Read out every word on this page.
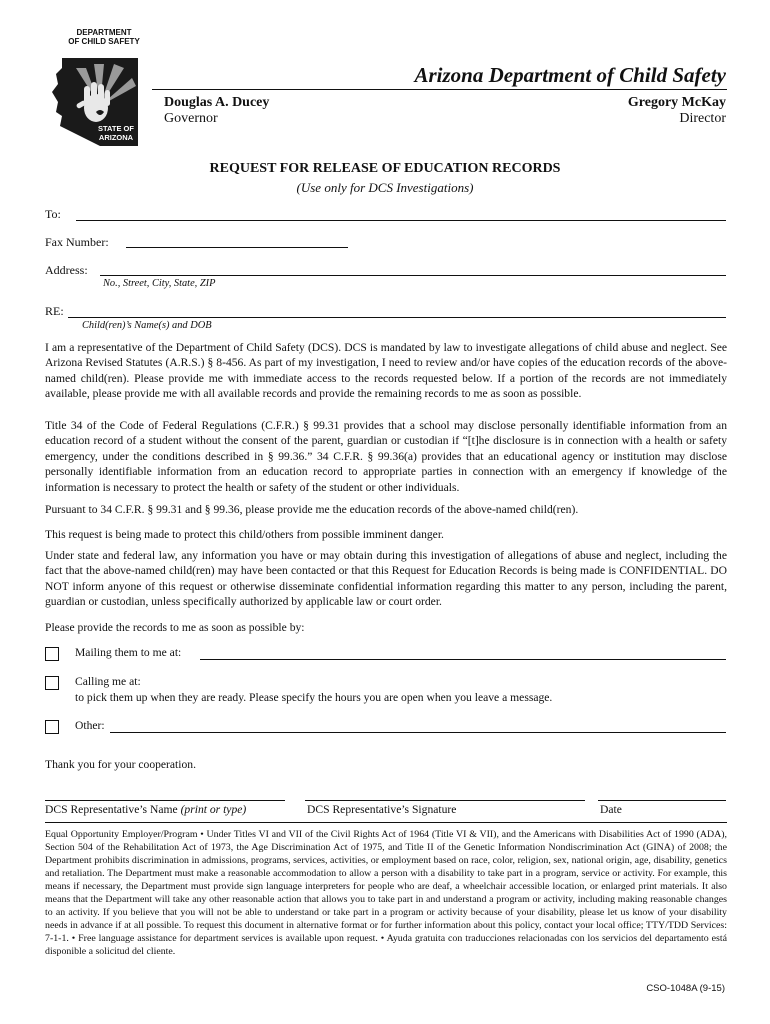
DEPARTMENT
OF CHILD SAFETY
STATE OF
ARIZONA
Arizona Department of Child Safety
Douglas A. Ducey
Governor
Gregory McKay
Director
REQUEST FOR RELEASE OF EDUCATION RECORDS
(Use only for DCS Investigations)
To:
Fax Number:
Address:
No., Street, City, State, ZIP
RE:
Child(ren)’s Name(s) and DOB
I am a representative of the Department of Child Safety (DCS). DCS is mandated by law to investigate allegations of child abuse and neglect. See Arizona Revised Statutes (A.R.S.) § 8-456. As part of my investigation, I need to review and/or have copies of the education records of the above-named child(ren). Please provide me with immediate access to the records requested below. If a portion of the records are not immediately available, please provide me with all available records and provide the remaining records to me as soon as possible.
Title 34 of the Code of Federal Regulations (C.F.R.) § 99.31 provides that a school may disclose personally identifiable information from an education record of a student without the consent of the parent, guardian or custodian if “[t]he disclosure is in connection with a health or safety emergency, under the conditions described in § 99.36.” 34 C.F.R. § 99.36(a) provides that an educational agency or institution may disclose personally identifiable information from an education record to appropriate parties in connection with an emergency if knowledge of the information is necessary to protect the health or safety of the student or other individuals.
Pursuant to 34 C.F.R. § 99.31 and § 99.36, please provide me the education records of the above-named child(ren).
This request is being made to protect this child/others from possible imminent danger.
Under state and federal law, any information you have or may obtain during this investigation of allegations of abuse and neglect, including the fact that the above-named child(ren) may have been contacted or that this Request for Education Records is being made is CONFIDENTIAL. DO NOT inform anyone of this request or otherwise disseminate confidential information regarding this matter to any person, including the parent, guardian or custodian, unless specifically authorized by applicable law or court order.
Please provide the records to me as soon as possible by:
Mailing them to me at:
Calling me at:
to pick them up when they are ready. Please specify the hours you are open when you leave a message.
Other:
Thank you for your cooperation.
DCS Representative’s Name (print or type)	DCS Representative’s Signature	Date
Equal Opportunity Employer/Program • Under Titles VI and VII of the Civil Rights Act of 1964 (Title VI & VII), and the Americans with Disabilities Act of 1990 (ADA), Section 504 of the Rehabilitation Act of 1973, the Age Discrimination Act of 1975, and Title II of the Genetic Information Nondiscrimination Act (GINA) of 2008; the Department prohibits discrimination in admissions, programs, services, activities, or employment based on race, color, religion, sex, national origin, age, disability, genetics and retaliation. The Department must make a reasonable accommodation to allow a person with a disability to take part in a program, service or activity. For example, this means if necessary, the Department must provide sign language interpreters for people who are deaf, a wheelchair accessible location, or enlarged print materials. It also means that the Department will take any other reasonable action that allows you to take part in and understand a program or activity, including making reasonable changes to an activity. If you believe that you will not be able to understand or take part in a program or activity because of your disability, please let us know of your disability needs in advance if at all possible. To request this document in alternative format or for further information about this policy, contact your local office; TTY/TDD Services: 7-1-1. • Free language assistance for department services is available upon request. • Ayuda gratuita con traducciones relacionadas con los servicios del departamento está disponible a solicitud del cliente.
CSO-1048A (9-15)
